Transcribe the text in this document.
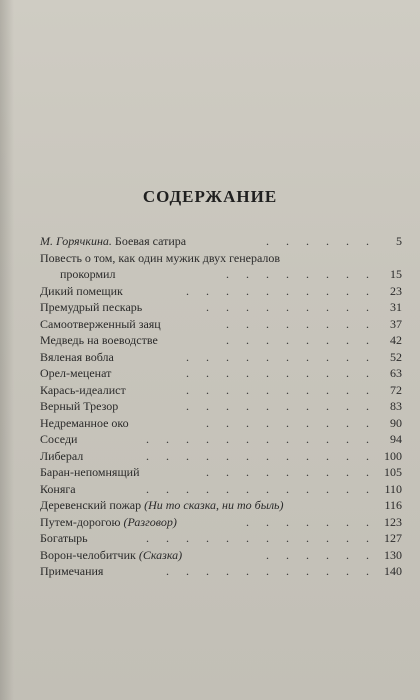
СОДЕРЖАНИЕ
М. Горячкина. Боевая сатира	. . . . . .	5
Повесть о том, как один мужик двух генералов
прокормил	. . . . . . . .	15
Дикий помещик	. . . . . . . . . .	23
Премудрый пескарь	. . . . . . . . .	31
Самоотверженный заяц	. . . . . . . .	37
Медведь на воеводстве	. . . . . . . .	42
Вяленая вобла	. . . . . . . . . .	52
Орел-меценат	. . . . . . . . . .	63
Карась-идеалист	. . . . . . . . . .	72
Верный Трезор	. . . . . . . . . .	83
Недреманное око	. . . . . . . . .	90
Соседи	. . . . . . . . . . . .	94
Либерал	. . . . . . . . . . . . 100
Баран-непомнящий	. . . . . . . . . 105
Коняга	. . . . . . . . . . . . 110
Деревенский пожар (Ни то сказка, ни то быль)	116
Путем-дорогою (Разговор)	. . . . . . . 123
Богатырь	. . . . . . . . . . . . 127
Ворон-челобитчик (Сказка)	. . . . . . 130
Примечания	. . . . . . . . . . . 140
